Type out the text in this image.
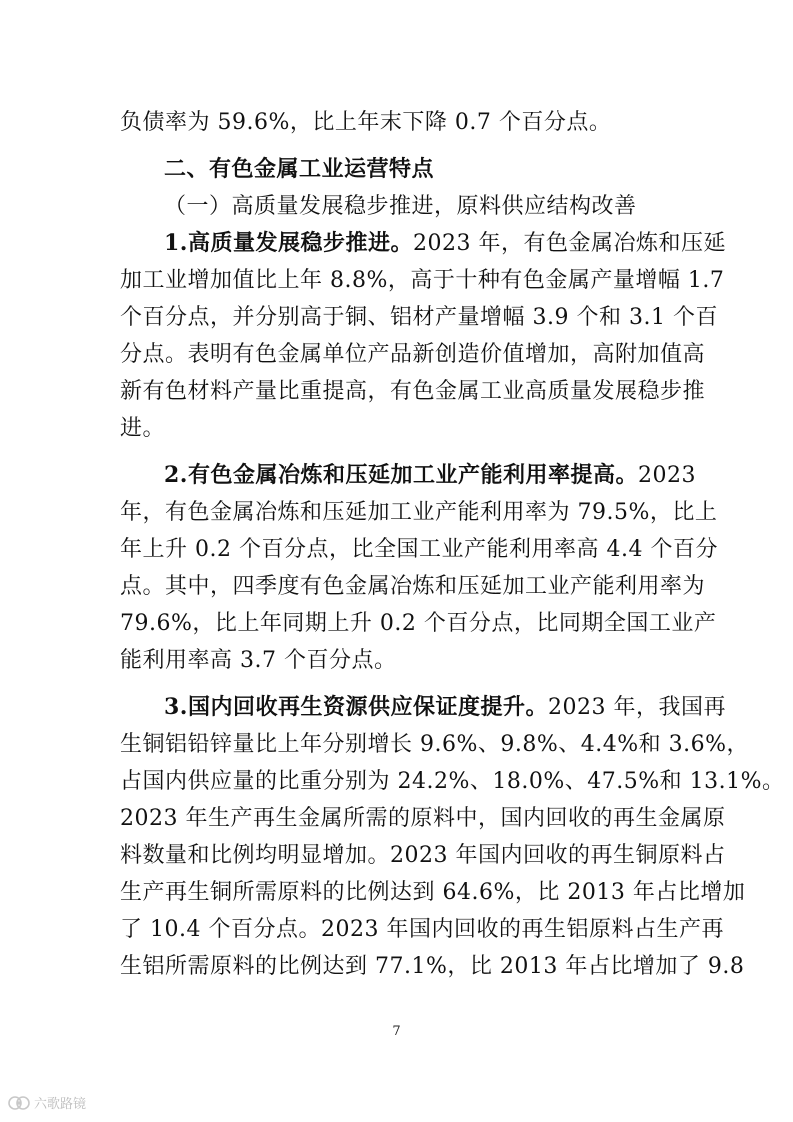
负债率为 59.6%，比上年末下降 0.7 个百分点。
二、有色金属工业运营特点
（一）高质量发展稳步推进，原料供应结构改善
1.高质量发展稳步推进。2023 年，有色金属冶炼和压延
加工业增加值比上年 8.8%，高于十种有色金属产量增幅 1.7
个百分点，并分别高于铜、铝材产量增幅 3.9 个和 3.1 个百
分点。表明有色金属单位产品新创造价值增加，高附加值高
新有色材料产量比重提高，有色金属工业高质量发展稳步推
进。
2.有色金属冶炼和压延加工业产能利用率提高。2023
年，有色金属冶炼和压延加工业产能利用率为 79.5%，比上
年上升 0.2 个百分点，比全国工业产能利用率高 4.4 个百分
点。其中，四季度有色金属冶炼和压延加工业产能利用率为
79.6%，比上年同期上升 0.2 个百分点，比同期全国工业产
能利用率高 3.7 个百分点。
3.国内回收再生资源供应保证度提升。2023 年，我国再
生铜铝铅锌量比上年分别增长 9.6%、9.8%、4.4%和 3.6%，
占国内供应量的比重分别为 24.2%、18.0%、47.5%和 13.1%。
2023 年生产再生金属所需的原料中，国内回收的再生金属原
料数量和比例均明显增加。2023 年国内回收的再生铜原料占
生产再生铜所需原料的比例达到 64.6%，比 2013 年占比增加
了 10.4 个百分点。2023 年国内回收的再生铝原料占生产再
生铝所需原料的比例达到 77.1%，比 2013 年占比增加了 9.8
7
六歌路镜
